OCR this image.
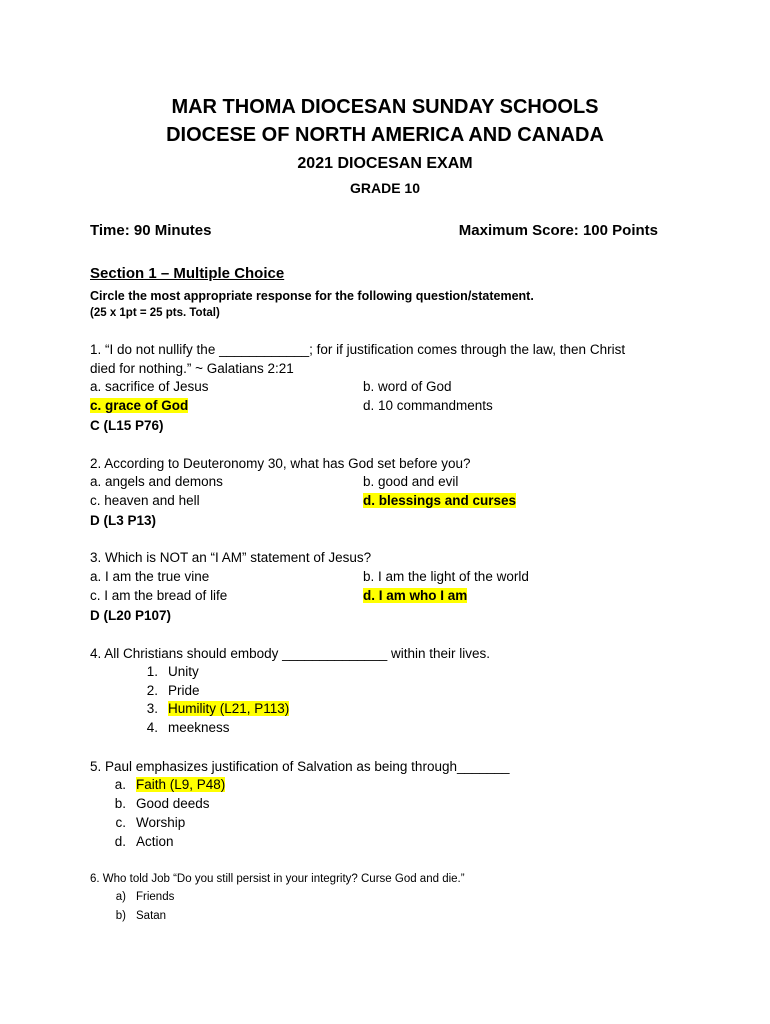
MAR THOMA DIOCESAN SUNDAY SCHOOLS
DIOCESE OF NORTH AMERICA AND CANADA
2021 DIOCESAN EXAM
GRADE 10
Time: 90 Minutes	Maximum Score: 100 Points
Section 1 – Multiple Choice
Circle the most appropriate response for the following question/statement.
(25 x 1pt = 25 pts. Total)
1. “I do not nullify the ____________; for if justification comes through the law, then Christ
died for nothing.” ~ Galatians 2:21
a. sacrifice of Jesus	b. word of God
c. grace of God	d. 10 commandments
C (L15 P76)
2. According to Deuteronomy 30, what has God set before you?
a. angels and demons	b. good and evil
c. heaven and hell	d. blessings and curses
D (L3 P13)
3. Which is NOT an “I AM” statement of Jesus?
a. I am the true vine	b. I am the light of the world
c. I am the bread of life	d. I am who I am
D (L20 P107)
4. All Christians should embody ______________ within their lives.
1. Unity
2. Pride
3. Humility (L21, P113)
4. meekness
5. Paul emphasizes justification of Salvation as being through_______
a. Faith (L9, P48)
b. Good deeds
c. Worship
d. Action
6. Who told Job “Do you still persist in your integrity? Curse God and die.”
a) Friends
b) Satan
